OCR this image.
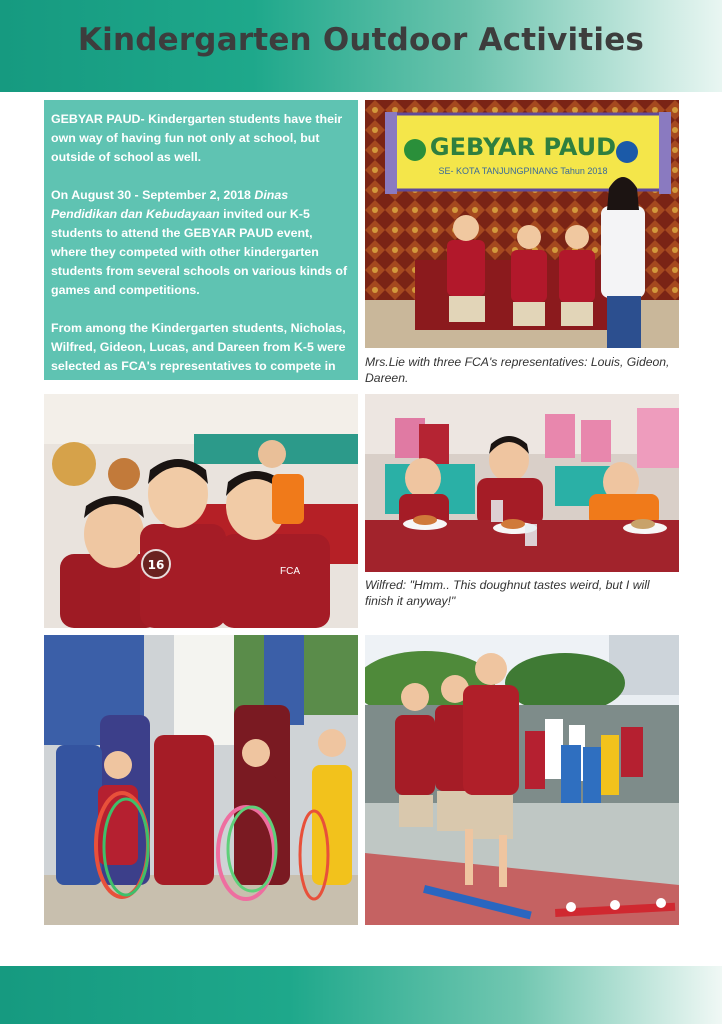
Kindergarten Outdoor Activities

GEBYAR PAUD- Kindergarten students have their own way of having fun not only at school, but outside of school as well.

On August 30 - September 2, 2018 Dinas Pendidikan dan Kebudayaan invited our K-5 students to attend the GEBYAR PAUD event, where they competed with other kindergarten students from several schools on various kinds of games and competitions.

From among the Kindergarten students, Nicholas, Wilfred, Gideon, Lucas, and Dareen from K-5 were selected as FCA's representatives to compete in this event.

GEBYAR PAUD
SE- KOTA TANJUNGPINANG Tahun 2018
Mrs.Lie with three FCA's representatives: Louis, Gideon, Dareen.
16	FCA
Wilfred: "Hmm.. This doughnut tastes weird, but I will finish it anyway!"
